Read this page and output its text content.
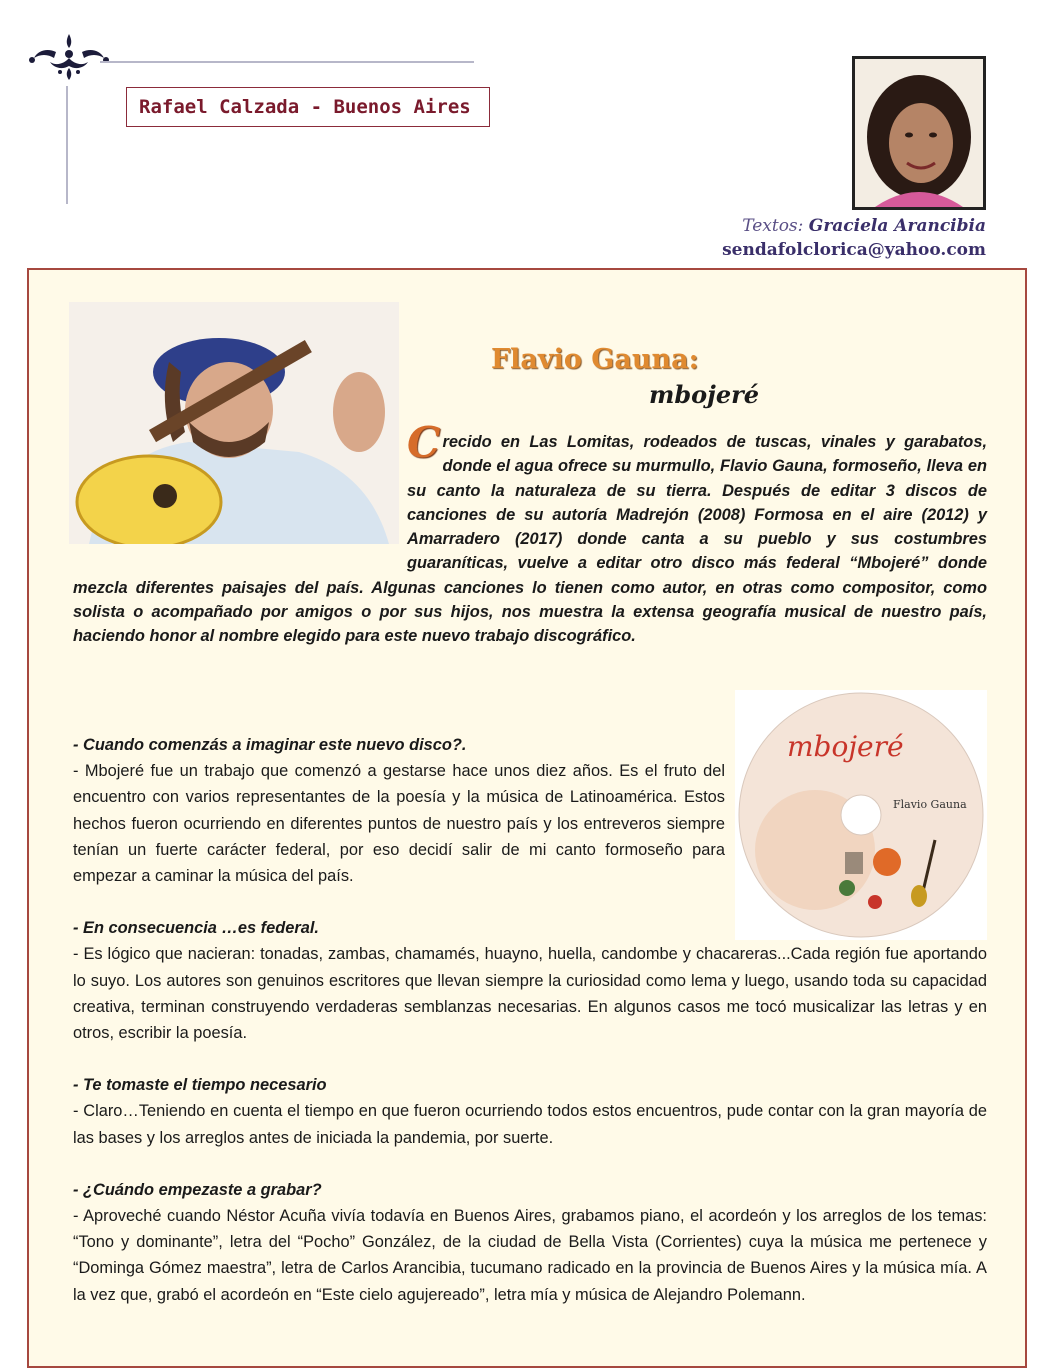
Rafael Calzada - Buenos Aires
Textos: Graciela Arancibia
sendafolclorica@yahoo.com
Flavio Gauna:
mbojeré
C recido en Las Lomitas, rodeados de tuscas, vinales y garabatos, donde el agua ofrece su murmullo, Flavio Gauna, formoseño, lleva en su canto la naturaleza de su tierra. Después de editar 3 discos de canciones de su autoría Madrejón (2008) Formosa en el aire (2012) y Amarradero (2017) donde canta a su pueblo y sus costumbres guaraníticas, vuelve a editar otro disco más federal “Mbojeré” donde mezcla diferentes paisajes del país. Algunas canciones lo tienen como autor, en otras como compositor, como solista o acompañado por amigos o por sus hijos, nos muestra la extensa geografía musical de nuestro país, haciendo honor al nombre elegido para este nuevo trabajo discográfico.
mbojeré
Flavio Gauna
- Cuando comenzás a imaginar este nuevo disco?.
- Mbojeré fue un trabajo que comenzó a gestarse hace unos diez años. Es el fruto del encuentro con varios representantes de la poesía y la música de Latinoamérica. Estos hechos fueron ocurriendo en diferentes puntos de nuestro país y los entreveros siempre tenían un fuerte carácter federal, por eso decidí salir de mi canto formoseño para empezar a caminar la música del país.
- En consecuencia …es federal.
- Es lógico que nacieran: tonadas, zambas, chamamés, huayno, huella, candombe y chacareras...Cada región fue aportando lo suyo. Los autores son genuinos escritores que llevan siempre la curiosidad como lema y luego, usando toda su capacidad creativa, terminan construyendo verdaderas semblanzas necesarias. En algunos casos me tocó musicalizar las letras y en otros, escribir la poesía.
- Te tomaste el tiempo necesario
- Claro…Teniendo en cuenta el tiempo en que fueron ocurriendo todos estos encuentros, pude contar con la gran mayoría de las bases y los arreglos antes de iniciada la pandemia, por suerte.
- ¿Cuándo empezaste a grabar?
- Aproveché cuando Néstor Acuña vivía todavía en Buenos Aires, grabamos piano, el acordeón y los arreglos de los temas: “Tono y dominante”, letra del “Pocho” González, de la ciudad de Bella Vista (Corrientes) cuya la música me pertenece y “Dominga Gómez maestra”, letra de Carlos Arancibia, tucumano radicado en la provincia de Buenos Aires y la música mía. A la vez que, grabó el acordeón en “Este cielo agujereado”, letra mía y música de Alejandro Polemann.
